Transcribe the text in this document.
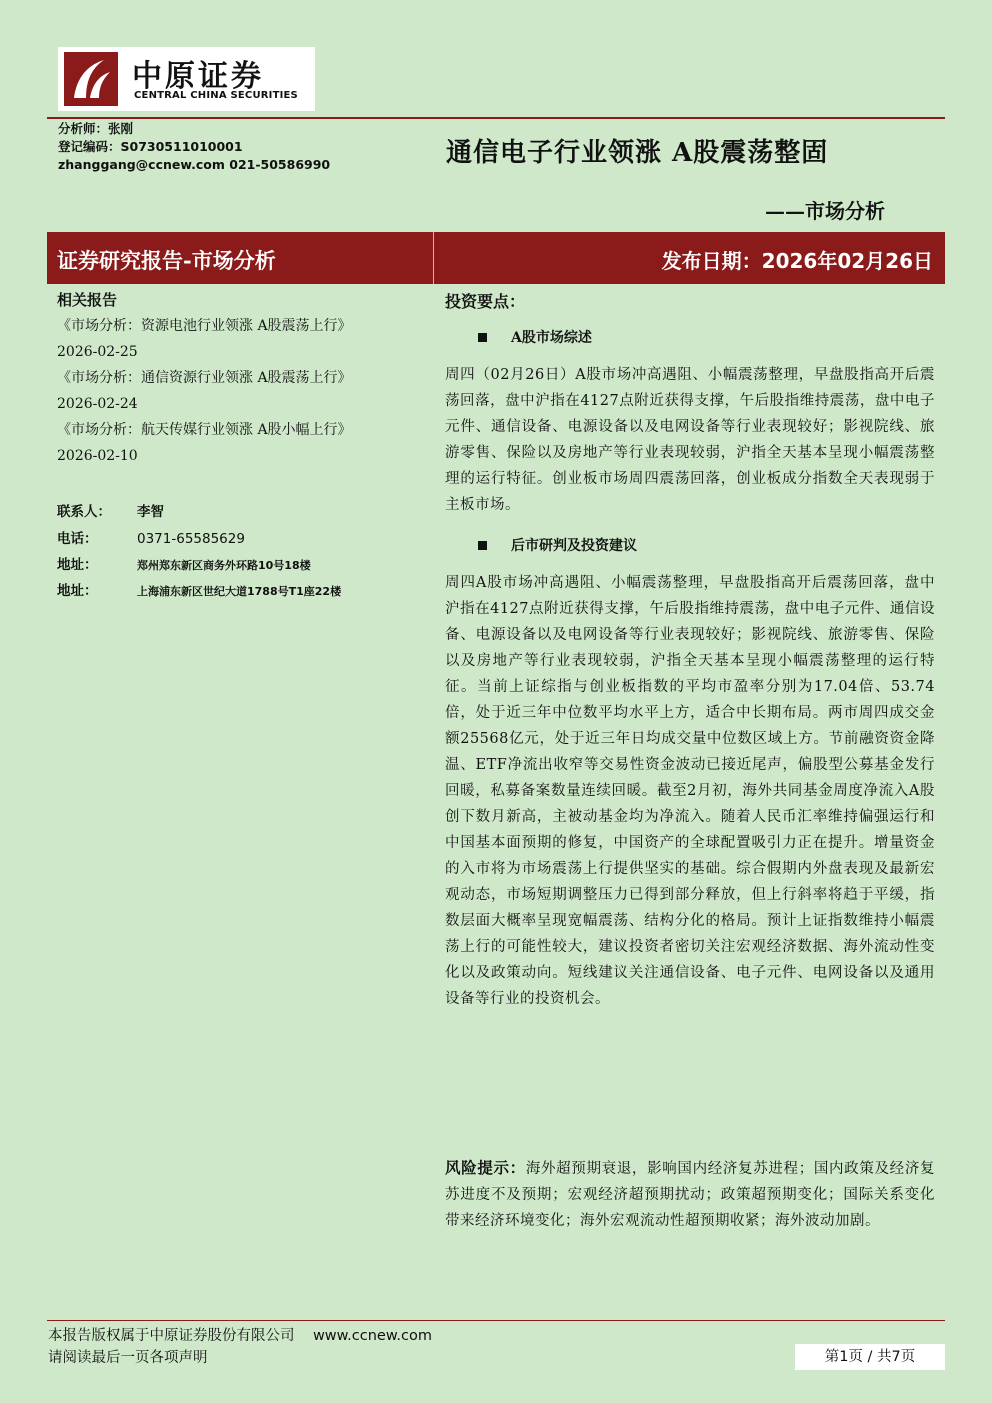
中原证券
CENTRAL CHINA SECURITIES
分析师：张刚
登记编码：S0730511010001
zhanggang@ccnew.com 021-50586990	通信电子行业领涨 A股震荡整固
——市场分析
证券研究报告-市场分析	发布日期：2026年02月26日
相关报告
《市场分析：资源电池行业领涨 A股震荡上行》 2026-02-25
《市场分析：通信资源行业领涨 A股震荡上行》 2026-02-24
《市场分析：航天传媒行业领涨 A股小幅上行》 2026-02-10
联系人： 李智
电话：	0371-65585629
地址：	郑州郑东新区商务外环路10号18楼
地址：	上海浦东新区世纪大道1788号T1座22楼
投资要点：
A股市场综述
周四（02月26日）A股市场冲高遇阻、小幅震荡整理，早盘股指高开后震荡回落，盘中沪指在4127点附近获得支撑，午后股指维持震荡，盘中电子元件、通信设备、电源设备以及电网设备等行业表现较好；影视院线、旅游零售、保险以及房地产等行业表现较弱，沪指全天基本呈现小幅震荡整理的运行特征。创业板市场周四震荡回落，创业板成分指数全天表现弱于主板市场。
后市研判及投资建议
周四A股市场冲高遇阻、小幅震荡整理，早盘股指高开后震荡回落，盘中沪指在4127点附近获得支撑，午后股指维持震荡，盘中电子元件、通信设备、电源设备以及电网设备等行业表现较好；影视院线、旅游零售、保险以及房地产等行业表现较弱，沪指全天基本呈现小幅震荡整理的运行特征。当前上证综指与创业板指数的平均市盈率分别为17.04倍、53.74倍，处于近三年中位数平均水平上方，适合中长期布局。两市周四成交金额25568亿元，处于近三年日均成交量中位数区域上方。节前融资资金降温、ETF净流出收窄等交易性资金波动已接近尾声，偏股型公募基金发行回暖，私募备案数量连续回暖。截至2月初，海外共同基金周度净流入A股创下数月新高，主被动基金均为净流入。随着人民币汇率维持偏强运行和中国基本面预期的修复，中国资产的全球配置吸引力正在提升。增量资金的入市将为市场震荡上行提供坚实的基础。综合假期内外盘表现及最新宏观动态，市场短期调整压力已得到部分释放，但上行斜率将趋于平缓，指数层面大概率呈现宽幅震荡、结构分化的格局。预计上证指数维持小幅震荡上行的可能性较大，建议投资者密切关注宏观经济数据、海外流动性变化以及政策动向。短线建议关注通信设备、电子元件、电网设备以及通用设备等行业的投资机会。
风险提示：海外超预期衰退，影响国内经济复苏进程；国内政策及经济复苏进度不及预期；宏观经济超预期扰动；政策超预期变化；国际关系变化带来经济环境变化；海外宏观流动性超预期收紧；海外波动加剧。
本报告版权属于中原证券股份有限公司 www.ccnew.com
请阅读最后一页各项声明	第1页 / 共7页
